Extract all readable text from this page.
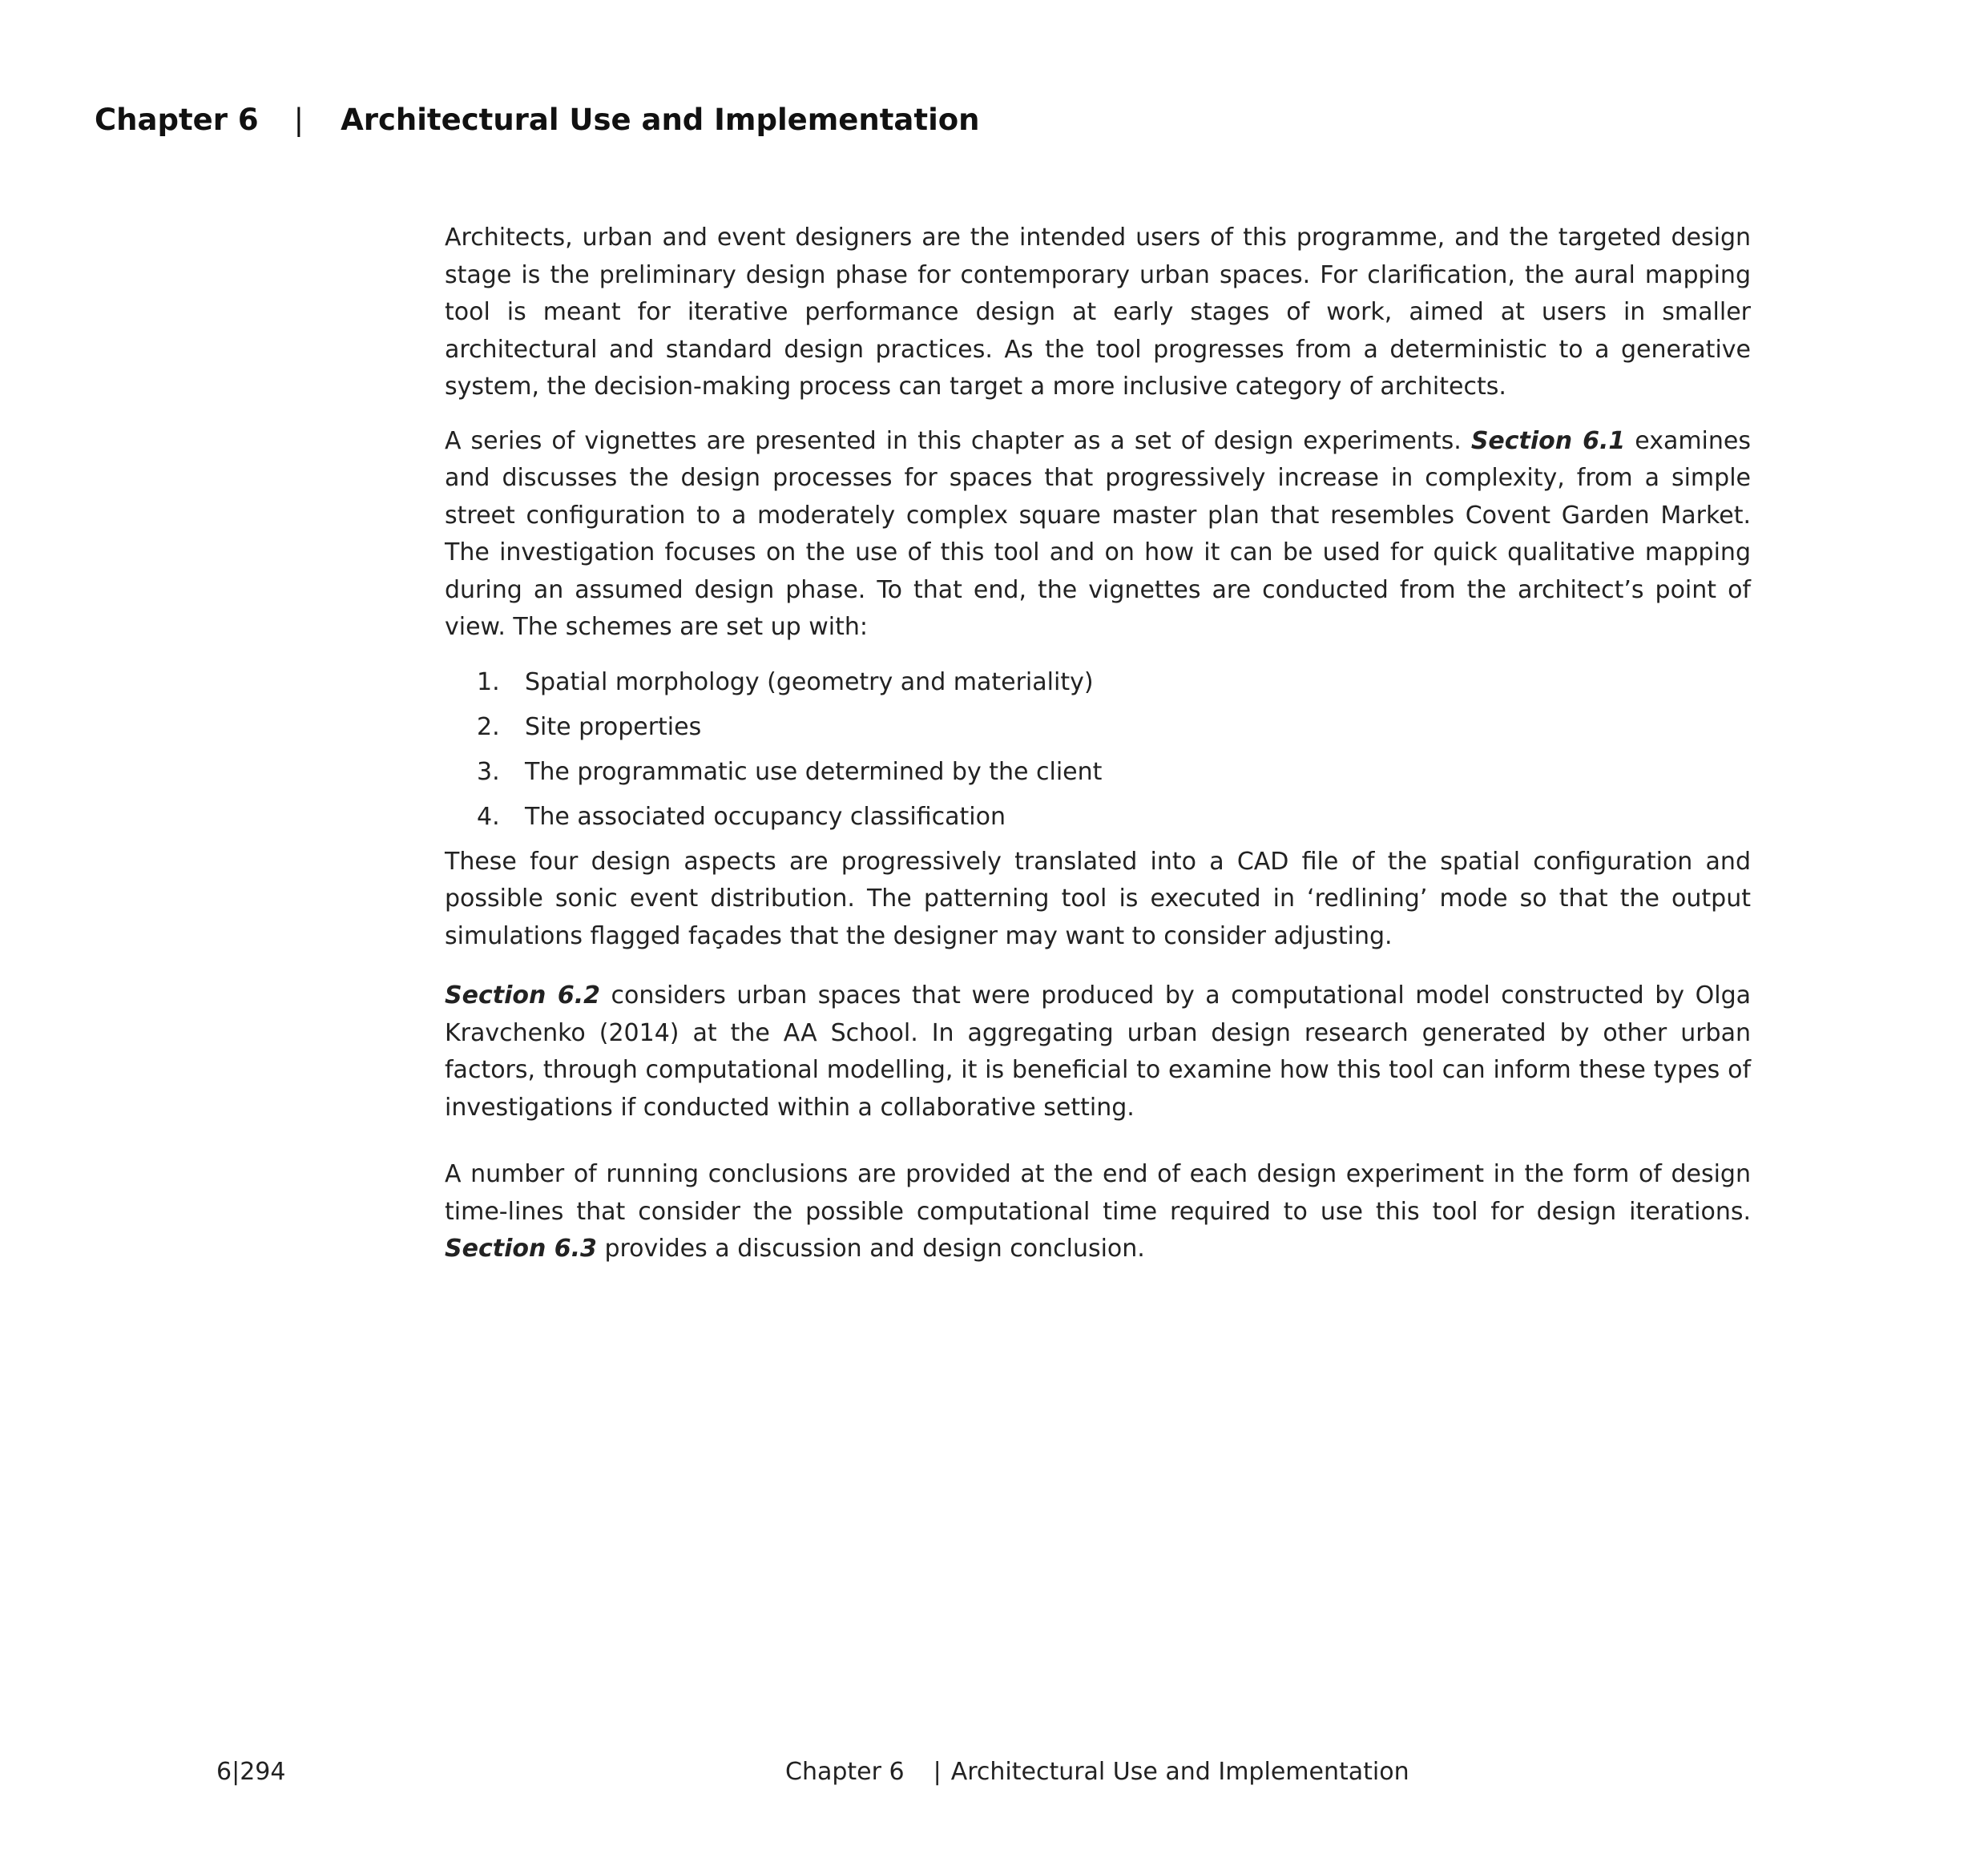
Chapter 6 | Architectural Use and Implementation

Architects, urban and event designers are the intended users of this programme, and the targeted design stage is the preliminary design phase for contemporary urban spaces. For clarification, the aural mapping tool is meant for iterative performance design at early stages of work, aimed at users in smaller architectural and standard design practices. As the tool progresses from a deterministic to a generative system, the decision-making process can target a more inclusive category of architects.

A series of vignettes are presented in this chapter as a set of design experiments. Section 6.1 examines and discusses the design processes for spaces that progressively increase in complexity, from a simple street configuration to a moderately complex square master plan that resembles Covent Garden Market. The investigation focuses on the use of this tool and on how it can be used for quick qualitative mapping during an assumed design phase. To that end, the vignettes are conducted from the architect’s point of view. The schemes are set up with:

1. Spatial morphology (geometry and materiality)
2. Site properties
3. The programmatic use determined by the client
4. The associated occupancy classification

These four design aspects are progressively translated into a CAD file of the spatial configuration and possible sonic event distribution. The patterning tool is executed in ‘redlining’ mode so that the output simulations flagged façades that the designer may want to consider adjusting.

Section 6.2 considers urban spaces that were produced by a computational model constructed by Olga Kravchenko (2014) at the AA School. In aggregating urban design research generated by other urban factors, through computational modelling, it is beneficial to examine how this tool can inform these types of investigations if conducted within a collaborative setting.

A number of running conclusions are provided at the end of each design experiment in the form of design time-lines that consider the possible computational time required to use this tool for design iterations. Section 6.3 provides a discussion and design conclusion.

6|294	Chapter 6 | Architectural Use and Implementation
